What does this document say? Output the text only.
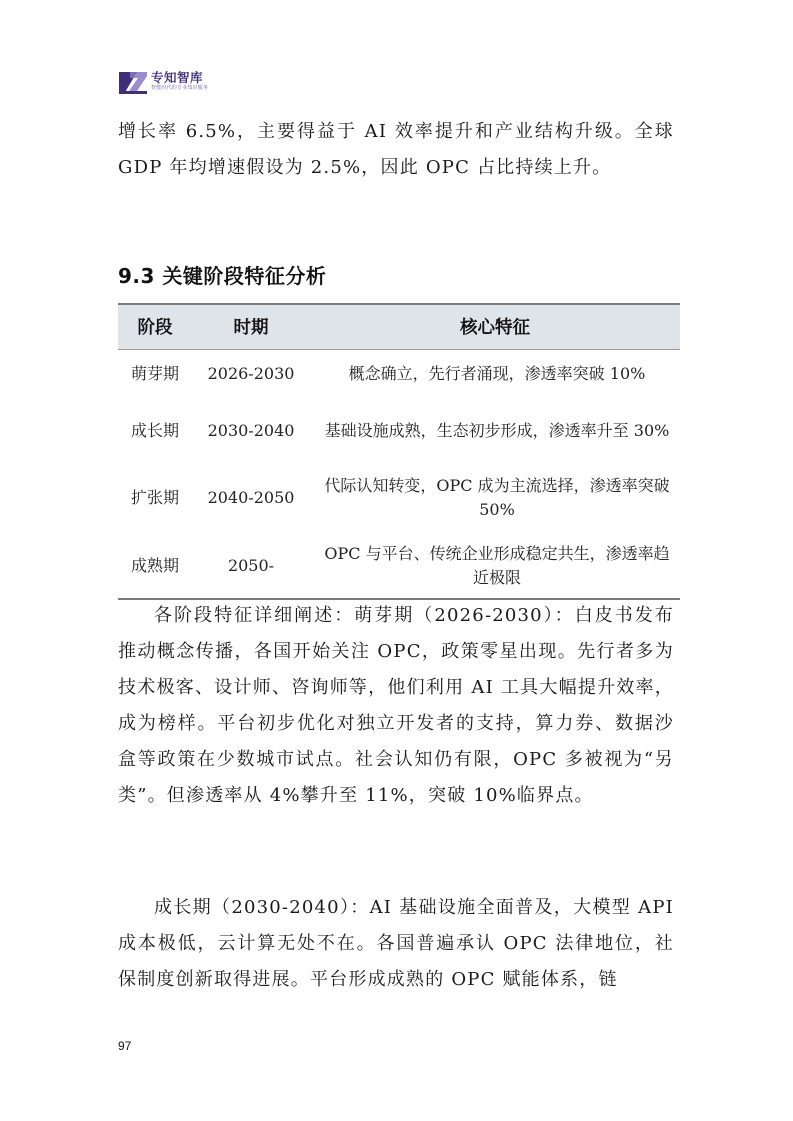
专知智库
智能时代的专业知识服务

增长率 6.5%，主要得益于 AI 效率提升和产业结构升级。全球 GDP 年均增速假设为 2.5%，因此 OPC 占比持续上升。

9.3 关键阶段特征分析
阶段	时期	核心特征
萌芽期	2026-2030	概念确立，先行者涌现，渗透率突破 10%
成长期	2030-2040	基础设施成熟，生态初步形成，渗透率升至 30%
扩张期	2040-2050	代际认知转变，OPC 成为主流选择，渗透率突破 50%
成熟期	2050-	OPC 与平台、传统企业形成稳定共生，渗透率趋近极限

各阶段特征详细阐述：萌芽期（2026-2030）：白皮书发布推动概念传播，各国开始关注 OPC，政策零星出现。先行者多为技术极客、设计师、咨询师等，他们利用 AI 工具大幅提升效率，成为榜样。平台初步优化对独立开发者的支持，算力券、数据沙盒等政策在少数城市试点。社会认知仍有限，OPC 多被视为“另类”。但渗透率从 4%攀升至 11%，突破 10%临界点。

成长期（2030-2040）：AI 基础设施全面普及，大模型 API 成本极低，云计算无处不在。各国普遍承认 OPC 法律地位，社保制度创新取得进展。平台形成成熟的 OPC 赋能体系，链

97
